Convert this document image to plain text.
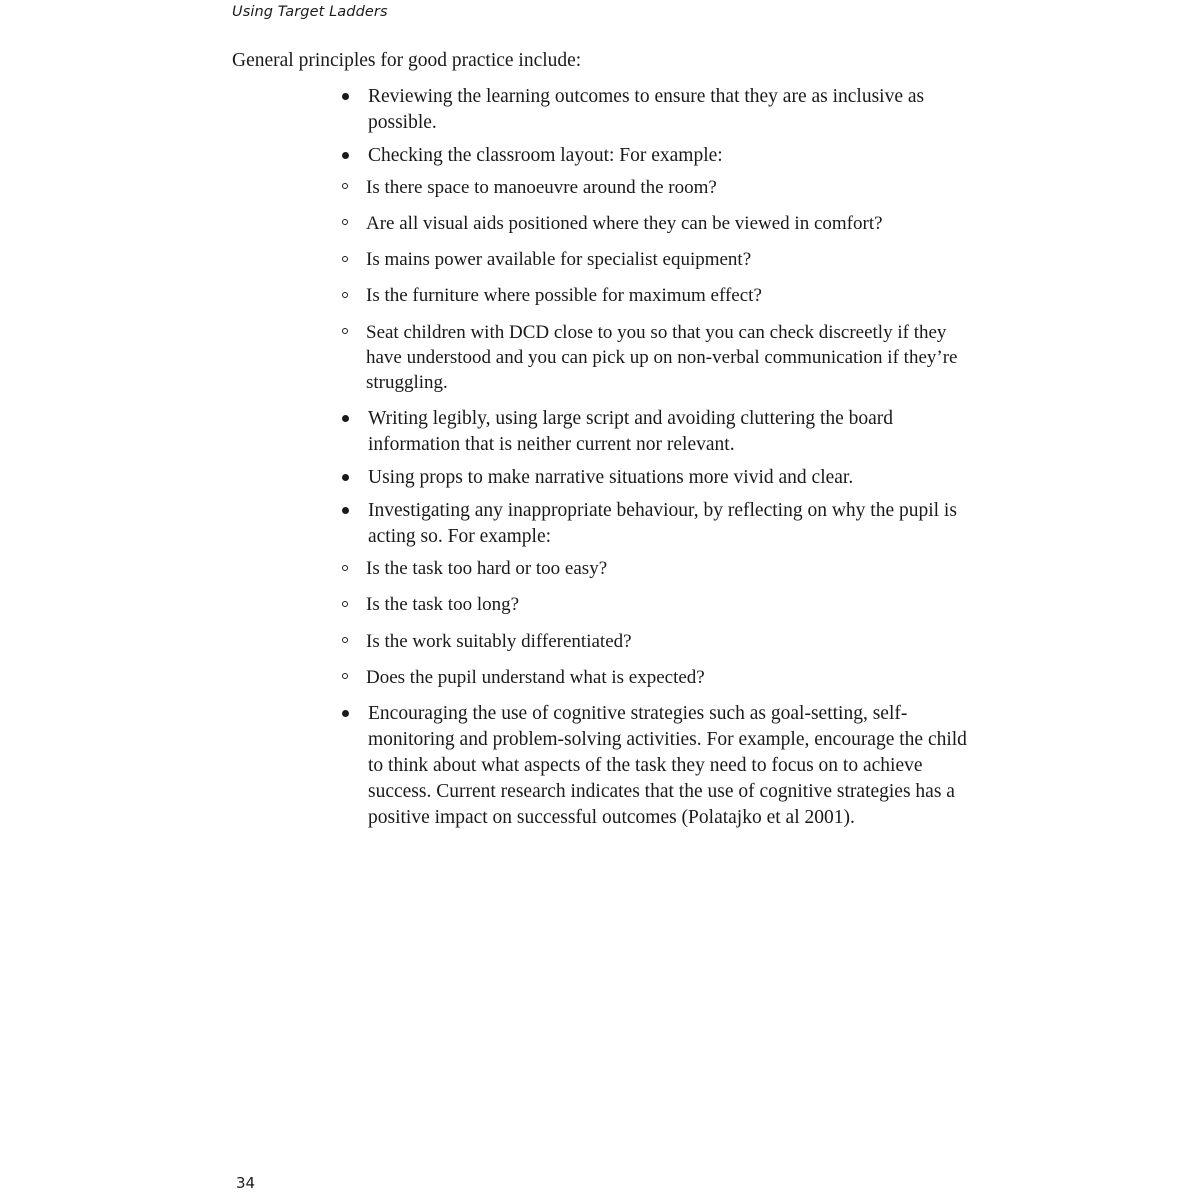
Using Target Ladders

General principles for good practice include:

Reviewing the learning outcomes to ensure that they are as inclusive as possible.
Checking the classroom layout: For example:
Is there space to manoeuvre around the room?
Are all visual aids positioned where they can be viewed in comfort?
Is mains power available for specialist equipment?
Is the furniture where possible for maximum effect?
Seat children with DCD close to you so that you can check discreetly if they have understood and you can pick up on non-verbal communication if they’re struggling.
Writing legibly, using large script and avoiding cluttering the board information that is neither current nor relevant.
Using props to make narrative situations more vivid and clear.
Investigating any inappropriate behaviour, by reflecting on why the pupil is acting so. For example:
Is the task too hard or too easy?
Is the task too long?
Is the work suitably differentiated?
Does the pupil understand what is expected?
Encouraging the use of cognitive strategies such as goal-setting, self-monitoring and problem-solving activities. For example, encourage the child to think about what aspects of the task they need to focus on to achieve success. Current research indicates that the use of cognitive strategies has a positive impact on successful outcomes (Polatajko et al 2001).
34
